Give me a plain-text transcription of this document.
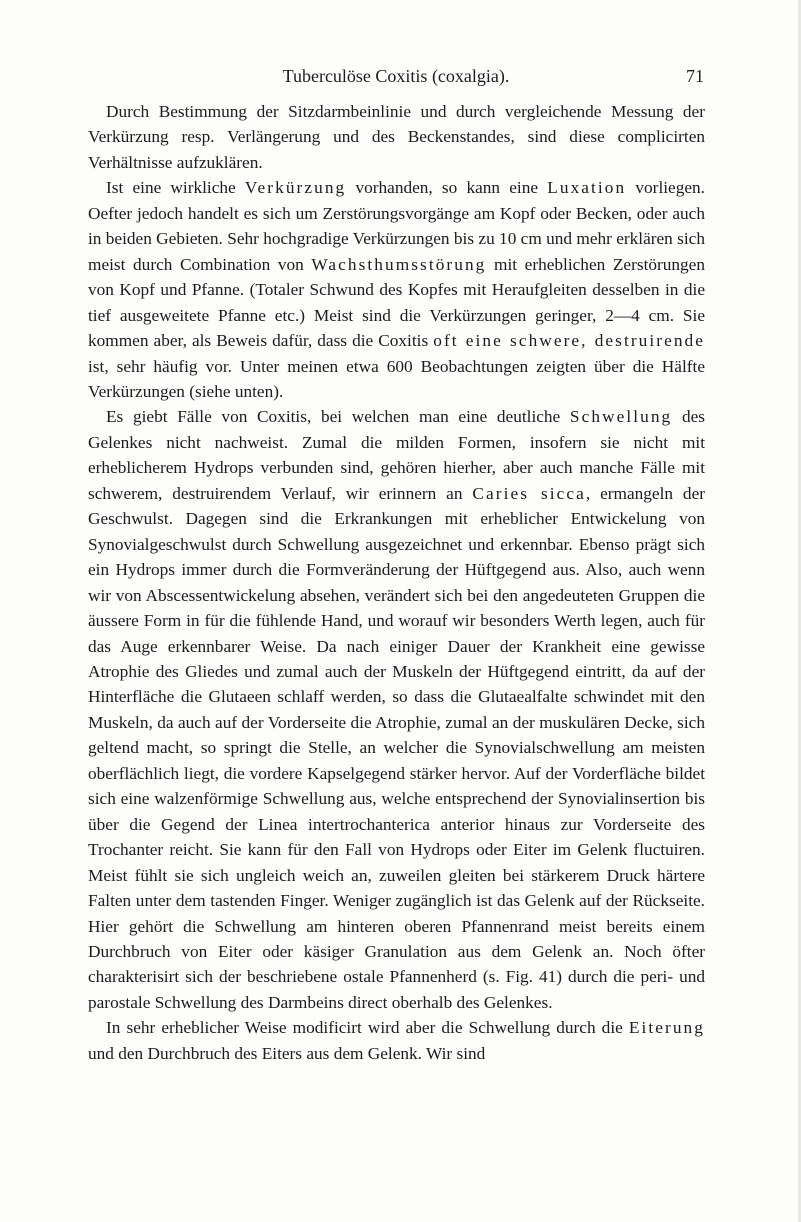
Tuberculöse Coxitis (coxalgia).	71

Durch Bestimmung der Sitzdarmbeinlinie und durch vergleichende Messung der Verkürzung resp. Verlängerung und des Beckenstandes, sind diese complicirten Verhältnisse aufzuklären.

Ist eine wirkliche Verkürzung vorhanden, so kann eine Luxation vorliegen. Oefter jedoch handelt es sich um Zerstörungsvorgänge am Kopf oder Becken, oder auch in beiden Gebieten. Sehr hochgradige Verkürzungen bis zu 10 cm und mehr erklären sich meist durch Combination von Wachsthumsstörung mit erheblichen Zerstörungen von Kopf und Pfanne. (Totaler Schwund des Kopfes mit Heraufgleiten desselben in die tief ausgeweitete Pfanne etc.) Meist sind die Verkürzungen geringer, 2—4 cm. Sie kommen aber, als Beweis dafür, dass die Coxitis oft eine schwere, destruirende ist, sehr häufig vor. Unter meinen etwa 600 Beobachtungen zeigten über die Hälfte Verkürzungen (siehe unten).

Es giebt Fälle von Coxitis, bei welchen man eine deutliche Schwellung des Gelenkes nicht nachweist. Zumal die milden Formen, insofern sie nicht mit erheblicherem Hydrops verbunden sind, gehören hierher, aber auch manche Fälle mit schwerem, destruirendem Verlauf, wir erinnern an Caries sicca, ermangeln der Geschwulst. Dagegen sind die Erkrankungen mit erheblicher Entwickelung von Synovialgeschwulst durch Schwellung ausgezeichnet und erkennbar. Ebenso prägt sich ein Hydrops immer durch die Formveränderung der Hüftgegend aus. Also, auch wenn wir von Abscessentwickelung absehen, verändert sich bei den angedeuteten Gruppen die äussere Form in für die fühlende Hand, und worauf wir besonders Werth legen, auch für das Auge erkennbarer Weise. Da nach einiger Dauer der Krankheit eine gewisse Atrophie des Gliedes und zumal auch der Muskeln der Hüftgegend eintritt, da auf der Hinterfläche die Glutaeen schlaff werden, so dass die Glutaealfalte schwindet mit den Muskeln, da auch auf der Vorderseite die Atrophie, zumal an der muskulären Decke, sich geltend macht, so springt die Stelle, an welcher die Synovialschwellung am meisten oberflächlich liegt, die vordere Kapselgegend stärker hervor. Auf der Vorderfläche bildet sich eine walzenförmige Schwellung aus, welche entsprechend der Synovialinsertion bis über die Gegend der Linea intertrochanterica anterior hinaus zur Vorderseite des Trochanter reicht. Sie kann für den Fall von Hydrops oder Eiter im Gelenk fluctuiren. Meist fühlt sie sich ungleich weich an, zuweilen gleiten bei stärkerem Druck härtere Falten unter dem tastenden Finger. Weniger zugänglich ist das Gelenk auf der Rückseite. Hier gehört die Schwellung am hinteren oberen Pfannenrand meist bereits einem Durchbruch von Eiter oder käsiger Granulation aus dem Gelenk an. Noch öfter charakterisirt sich der beschriebene ostale Pfannenherd (s. Fig. 41) durch die peri- und parostale Schwellung des Darmbeins direct oberhalb des Gelenkes.

In sehr erheblicher Weise modificirt wird aber die Schwellung durch die Eiterung und den Durchbruch des Eiters aus dem Gelenk. Wir sind
